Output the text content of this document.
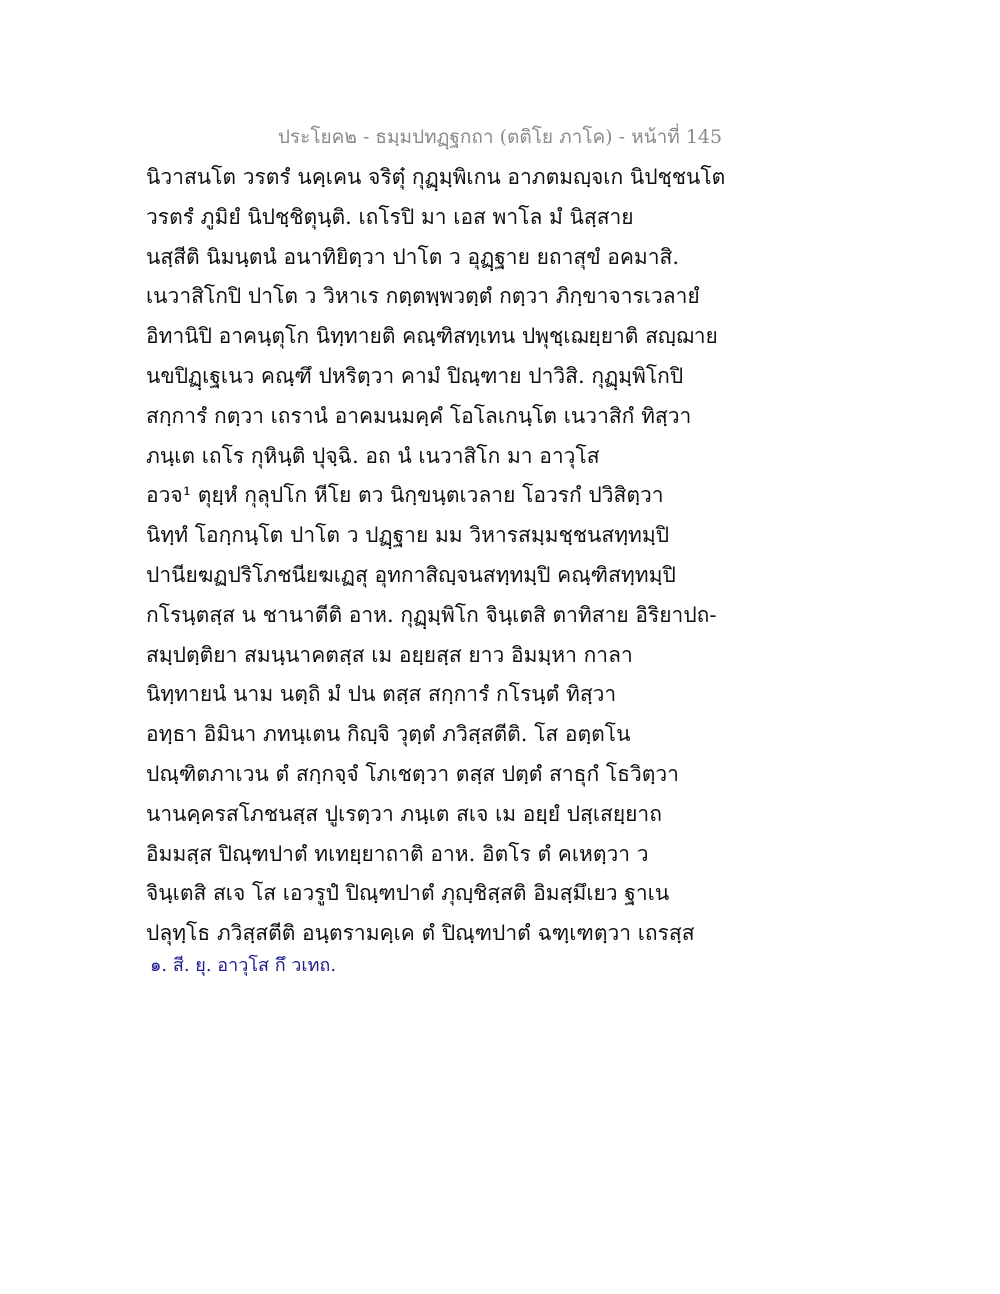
ประโยค๒ - ธมฺมปทฏฺฐกถา (ตติโย ภาโค) - หน้าที่ 145
นิวาสนโต วรตรํ นคฺเคน จริตุ๋ กุฏฺมฺพิเกน อาภตมญฺจเก นิปชฺชนโต
วรตรํ ภูมิยํ นิปชฺชิตุนฺติ. เถโรปิ มา เอส พาโล มํ นิสฺสาย
นสฺสีติ นิมนฺตนํ อนาทิยิตฺวา ปาโต ว อุฏฺฐาย ยถาสุขํ อคมาสิ.
เนวาสิโกปิ ปาโต ว วิหาเร กตฺตพฺพวตฺตํ กตฺวา ภิกฺขาจารเวลายํ
อิทานิปิ อาคนฺตุโก นิทฺทายติ คณฺฑิสทฺเทน ปพุชฺเฌยฺยาติ สญฺฌาย
นขปิฏฺเฐเนว คณฺฑึ ปหริตฺวา คามํ ปิณฺฑาย ปาวิสิ. กุฏฺมฺพิโกปิ
สกฺการํ กตฺวา เถรานํ อาคมนมคฺคํ โอโลเกนฺโต เนวาสิกํ ทิสฺวา
ภนฺเต เถโร กุหินฺติ ปุจฺฉิ. อถ นํ เนวาสิโก มา อาวุโส
อวจ¹ ตุยฺหํ กุลุปโก หีโย ตว นิกฺขนฺตเวลาย โอวรกํ ปวิสิตฺวา
นิทฺทํ โอกฺกนฺโต ปาโต ว ปฏฺฐาย มม วิหารสมฺมชฺชนสทฺทมฺปิ
ปานียฆฏปริโภชนียฆเฏสุ อุทกาสิญฺจนสทฺทมฺปิ คณฺฑิสทฺทมฺปิ
กโรนฺตสฺส น ชานาตีติ อาห. กุฏฺมฺพิโก จินฺเตสิ ตาทิสาย อิริยาปถ-
สมฺปตฺติยา สมนฺนาคตสฺส เม อยฺยสฺส ยาว อิมมฺหา กาลา
นิทฺทายนํ นาม นตฺถิ มํ ปน ตสฺส สกฺการํ กโรนฺตํ ทิสฺวา
อทฺธา อิมินา ภทนฺเตน กิญฺจิ วุตฺตํ ภวิสฺสตีติ. โส อตฺตโน
ปณฺฑิตภาเวน ตํ สกฺกจฺจํ โภเชตฺวา ตสฺส ปตฺตํ สาธุกํ โธวิตฺวา
นานคฺครสโภชนสฺส ปูเรตฺวา ภนฺเต สเจ เม อยฺยํ ปสฺเสยฺยาถ
อิมมสฺส ปิณฺฑปาตํ ทเทยฺยาถาติ อาห. อิตโร ตํ คเหตฺวา ว
จินฺเตสิ สเจ โส เอวรูปํ ปิณฺฑปาตํ ภุญฺชิสฺสติ อิมสฺมึเยว ฐาเน
ปลุทฺโธ ภวิสฺสตีติ อนฺตรามคฺเค ตํ ปิณฺฑปาตํ ฉฑฺเฑตฺวา เถรสฺส
๑. สี. ยุ. อาวุโส กึ วเทถ.
